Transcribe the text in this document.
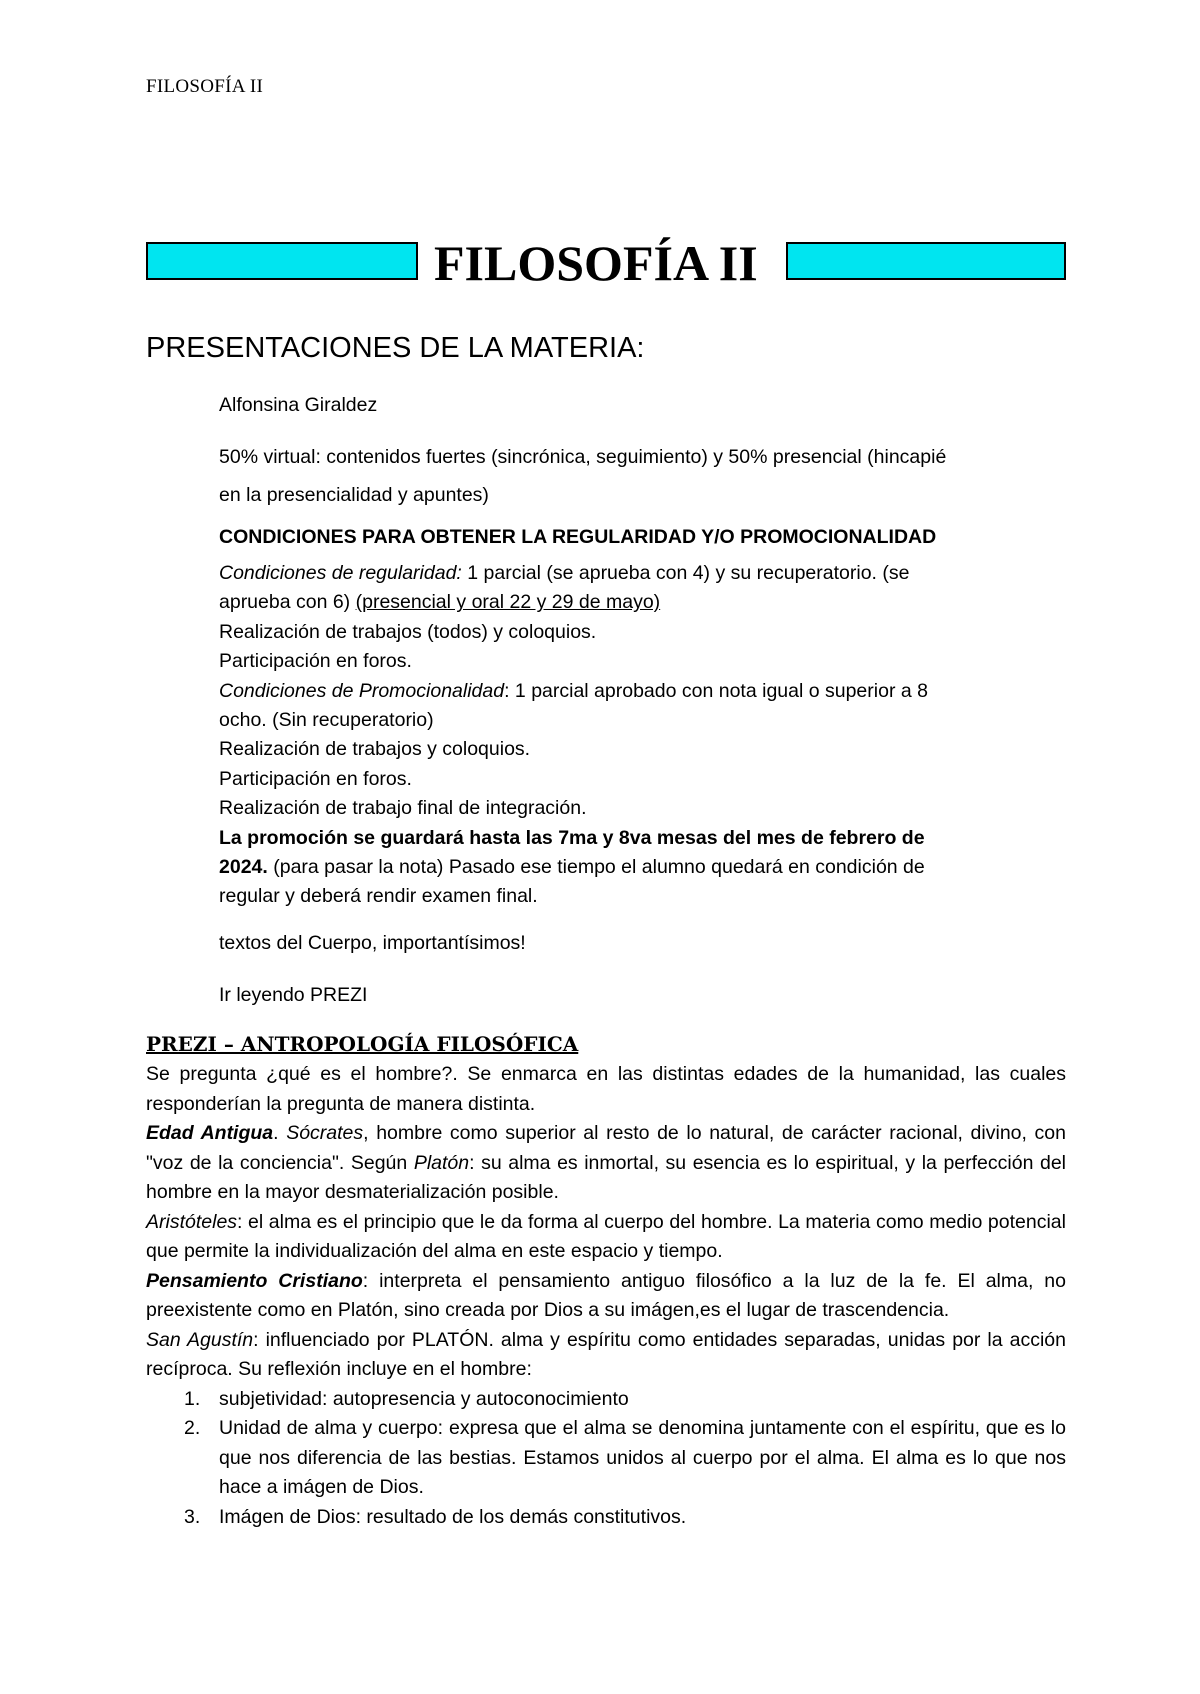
FILOSOFÍA II
FILOSOFÍA II
PRESENTACIONES DE LA MATERIA:
Alfonsina Giraldez
50% virtual: contenidos fuertes (sincrónica, seguimiento) y 50% presencial (hincapié
en la presencialidad y apuntes)
CONDICIONES PARA OBTENER LA REGULARIDAD Y/O PROMOCIONALIDAD
Condiciones de regularidad: 1 parcial (se aprueba con 4) y su recuperatorio. (se
aprueba con 6) (presencial y oral 22 y 29 de mayo)
Realización de trabajos (todos) y coloquios.
Participación en foros.
Condiciones de Promocionalidad: 1 parcial aprobado con nota igual o superior a 8
ocho. (Sin recuperatorio)
Realización de trabajos y coloquios.
Participación en foros.
Realización de trabajo final de integración.
La promoción se guardará hasta las 7ma y 8va mesas del mes de febrero de
2024. (para pasar la nota) Pasado ese tiempo el alumno quedará en condición de
regular y deberá rendir examen final.
textos del Cuerpo, importantísimos!
Ir leyendo PREZI
PREZI – ANTROPOLOGÍA FILOSÓFICA
Se pregunta ¿qué es el hombre?. Se enmarca en las distintas edades de la humanidad, las cuales responderían la pregunta de manera distinta.
Edad Antigua. Sócrates, hombre como superior al resto de lo natural, de carácter racional, divino, con "voz de la conciencia". Según Platón: su alma es inmortal, su esencia es lo espiritual, y la perfección del hombre en la mayor desmaterialización posible.
Aristóteles: el alma es el principio que le da forma al cuerpo del hombre. La materia como medio potencial que permite la individualización del alma en este espacio y tiempo.
Pensamiento Cristiano: interpreta el pensamiento antiguo filosófico a la luz de la fe. El alma, no preexistente como en Platón, sino creada por Dios a su imágen,es el lugar de trascendencia.
San Agustín: influenciado por PLATÓN. alma y espíritu como entidades separadas, unidas por la acción recíproca. Su reflexión incluye en el hombre:
1. subjetividad: autopresencia y autoconocimiento
2. Unidad de alma y cuerpo: expresa que el alma se denomina juntamente con el espíritu, que es lo que nos diferencia de las bestias. Estamos unidos al cuerpo por el alma. El alma es lo que nos hace a imágen de Dios.
3. Imágen de Dios: resultado de los demás constitutivos.
